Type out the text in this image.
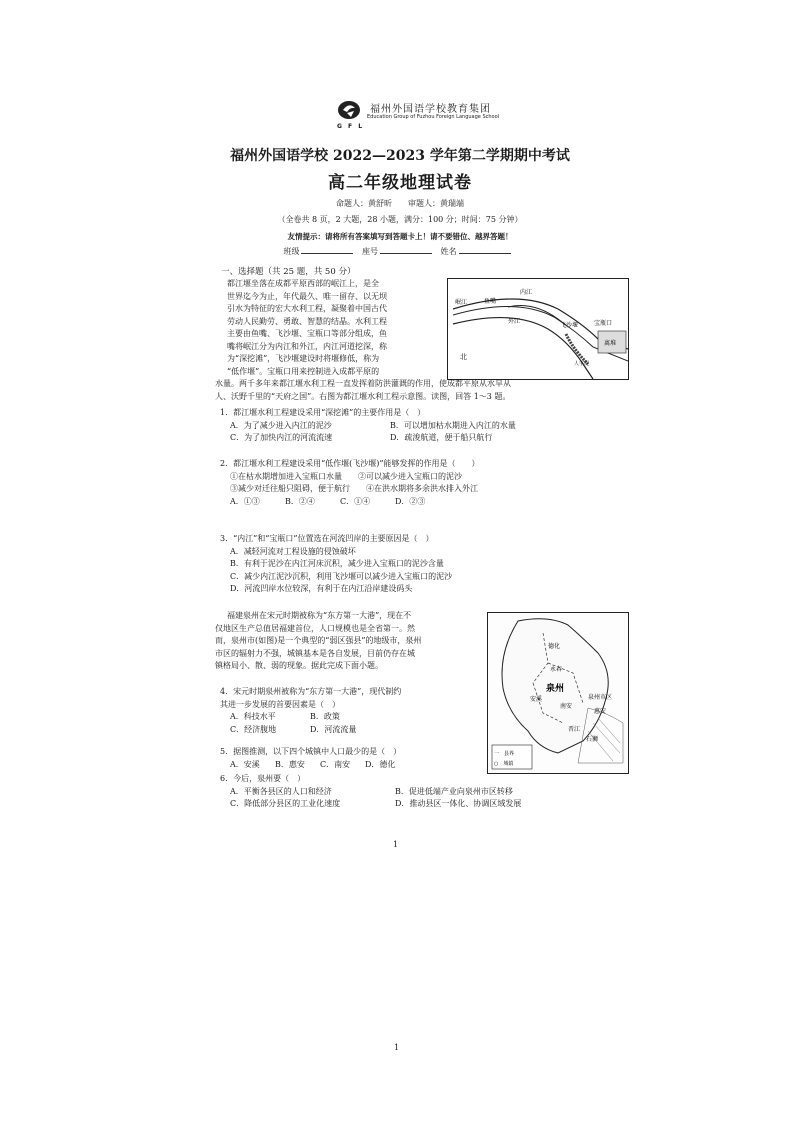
福州外国语学校教育集团
Education Group of Fuzhou Foreign Language School
G F L
福州外国语学校 2022—2023 学年第二学期期中考试
高二年级地理试卷
命题人：黄舒昕　　审题人：黄瑞端
（全卷共 8 页，2 大题，28 小题，满分：100 分；时间：75 分钟）
友情提示：请将所有答案填写到答题卡上！请不要错位、越界答题！
班级	座号	姓名
一、选择题（共 25 题，共 50 分）
都江堰坐落在成都平原西部的岷江上，是全
世界迄今为止，年代最久、唯一留存、以无坝
引水为特征的宏大水利工程，凝聚着中国古代
劳动人民勤劳、勇敢、智慧的结晶。水利工程
主要由鱼嘴、飞沙堰、宝瓶口等部分组成，鱼
嘴将岷江分为内江和外江，内江河道挖深，称
为“深挖滩”，飞沙堰建设时将堰修低，称为
“低作堰”。宝瓶口用来控制进入成都平原的
岷江	鱼嘴
内江
外江
飞沙堰	宝瓶口
离堆
北
人字堤
水量。两千多年来都江堰水利工程一直发挥着防洪灌溉的作用，使成都平原从水旱从
人、沃野千里的“天府之国”。右图为都江堰水利工程示意图。读图，回答 1～3 题。
1．都江堰水利工程建设采用“深挖滩”的主要作用是（　）
A．为了减少进入内江的泥沙	B．可以增加枯水期进入内江的水量
C．为了加快内江的河流流速	D．疏浚航道，便于船只航行
2．都江堰水利工程建设采用“低作堰(飞沙堰)”能够发挥的作用是（　　）
①在枯水期增加进入宝瓶口水量　　②可以减少进入宝瓶口的泥沙
③减少对迁往船只阻碍，便于航行　　④在洪水期将多余洪水排入外江
A．①③	B．②④	C．①④	D．②③
3．“内江”和“宝瓶口”位置选在河流凹岸的主要原因是（　）
A．减轻河流对工程设施的侵蚀破坏
B．有利于泥沙在内江河床沉积，减少进入宝瓶口的泥沙含量
C．减少内江泥沙沉积，利用飞沙堰可以减少进入宝瓶口的泥沙
D．河流凹岸水位较深，有利于在内江沿岸建设码头
福建泉州在宋元时期被称为“东方第一大港”，现在不
仅地区生产总值居福建首位，人口规模也是全省第一。然
而，泉州市(如图)是一个典型的“弱区强县”的地级市，泉州
市区的辐射力不强，城镇基本是各自发展，目前仍存在城
镇格局小、散、弱的现象。据此完成下面小题。
德化
永春
安溪
南安
晋江
石狮
泉州
惠安
泉州市区
一　县界
○　城镇
4．宋元时期泉州被称为“东方第一大港”，现代制约
其进一步发展的首要因素是（　）
A．科技水平	B．政策
C．经济腹地	D．河流流量
5．据图推测，以下四个城镇中人口最少的是（　）
A．安溪	B．惠安	C．南安	D．德化
6．今后，泉州要（　）
A．平衡各县区的人口和经济	B．促进低端产业向泉州市区转移
C．降低部分县区的工业化速度	D．推动县区一体化、协调区域发展
1
1
